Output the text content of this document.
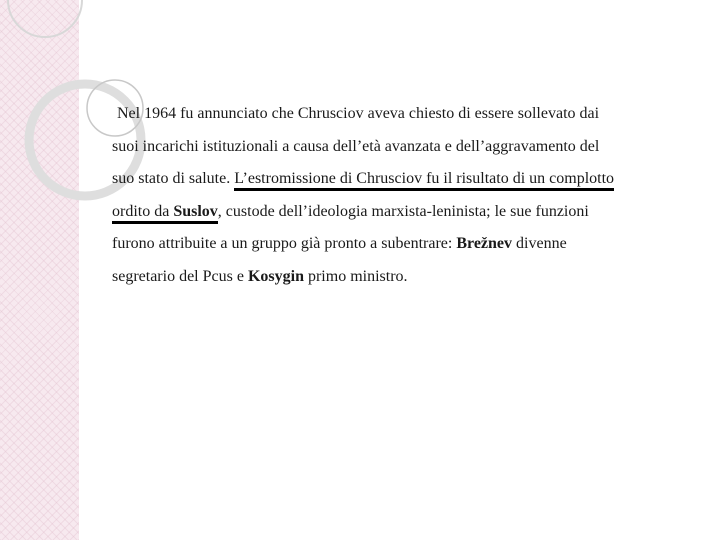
Nel 1964 fu annunciato che Chrusciov aveva chiesto di essere sollevato dai
suoi incarichi istituzionali a causa dell’età avanzata e dell’aggravamento del
suo stato di salute. L’estromissione di Chrusciov fu il risultato di un complotto
ordito da Suslov, custode dell’ideologia marxista-leninista; le sue funzioni
furono attribuite a un gruppo già pronto a subentrare: Brežnev divenne
segretario del Pcus e Kosygin primo ministro.
